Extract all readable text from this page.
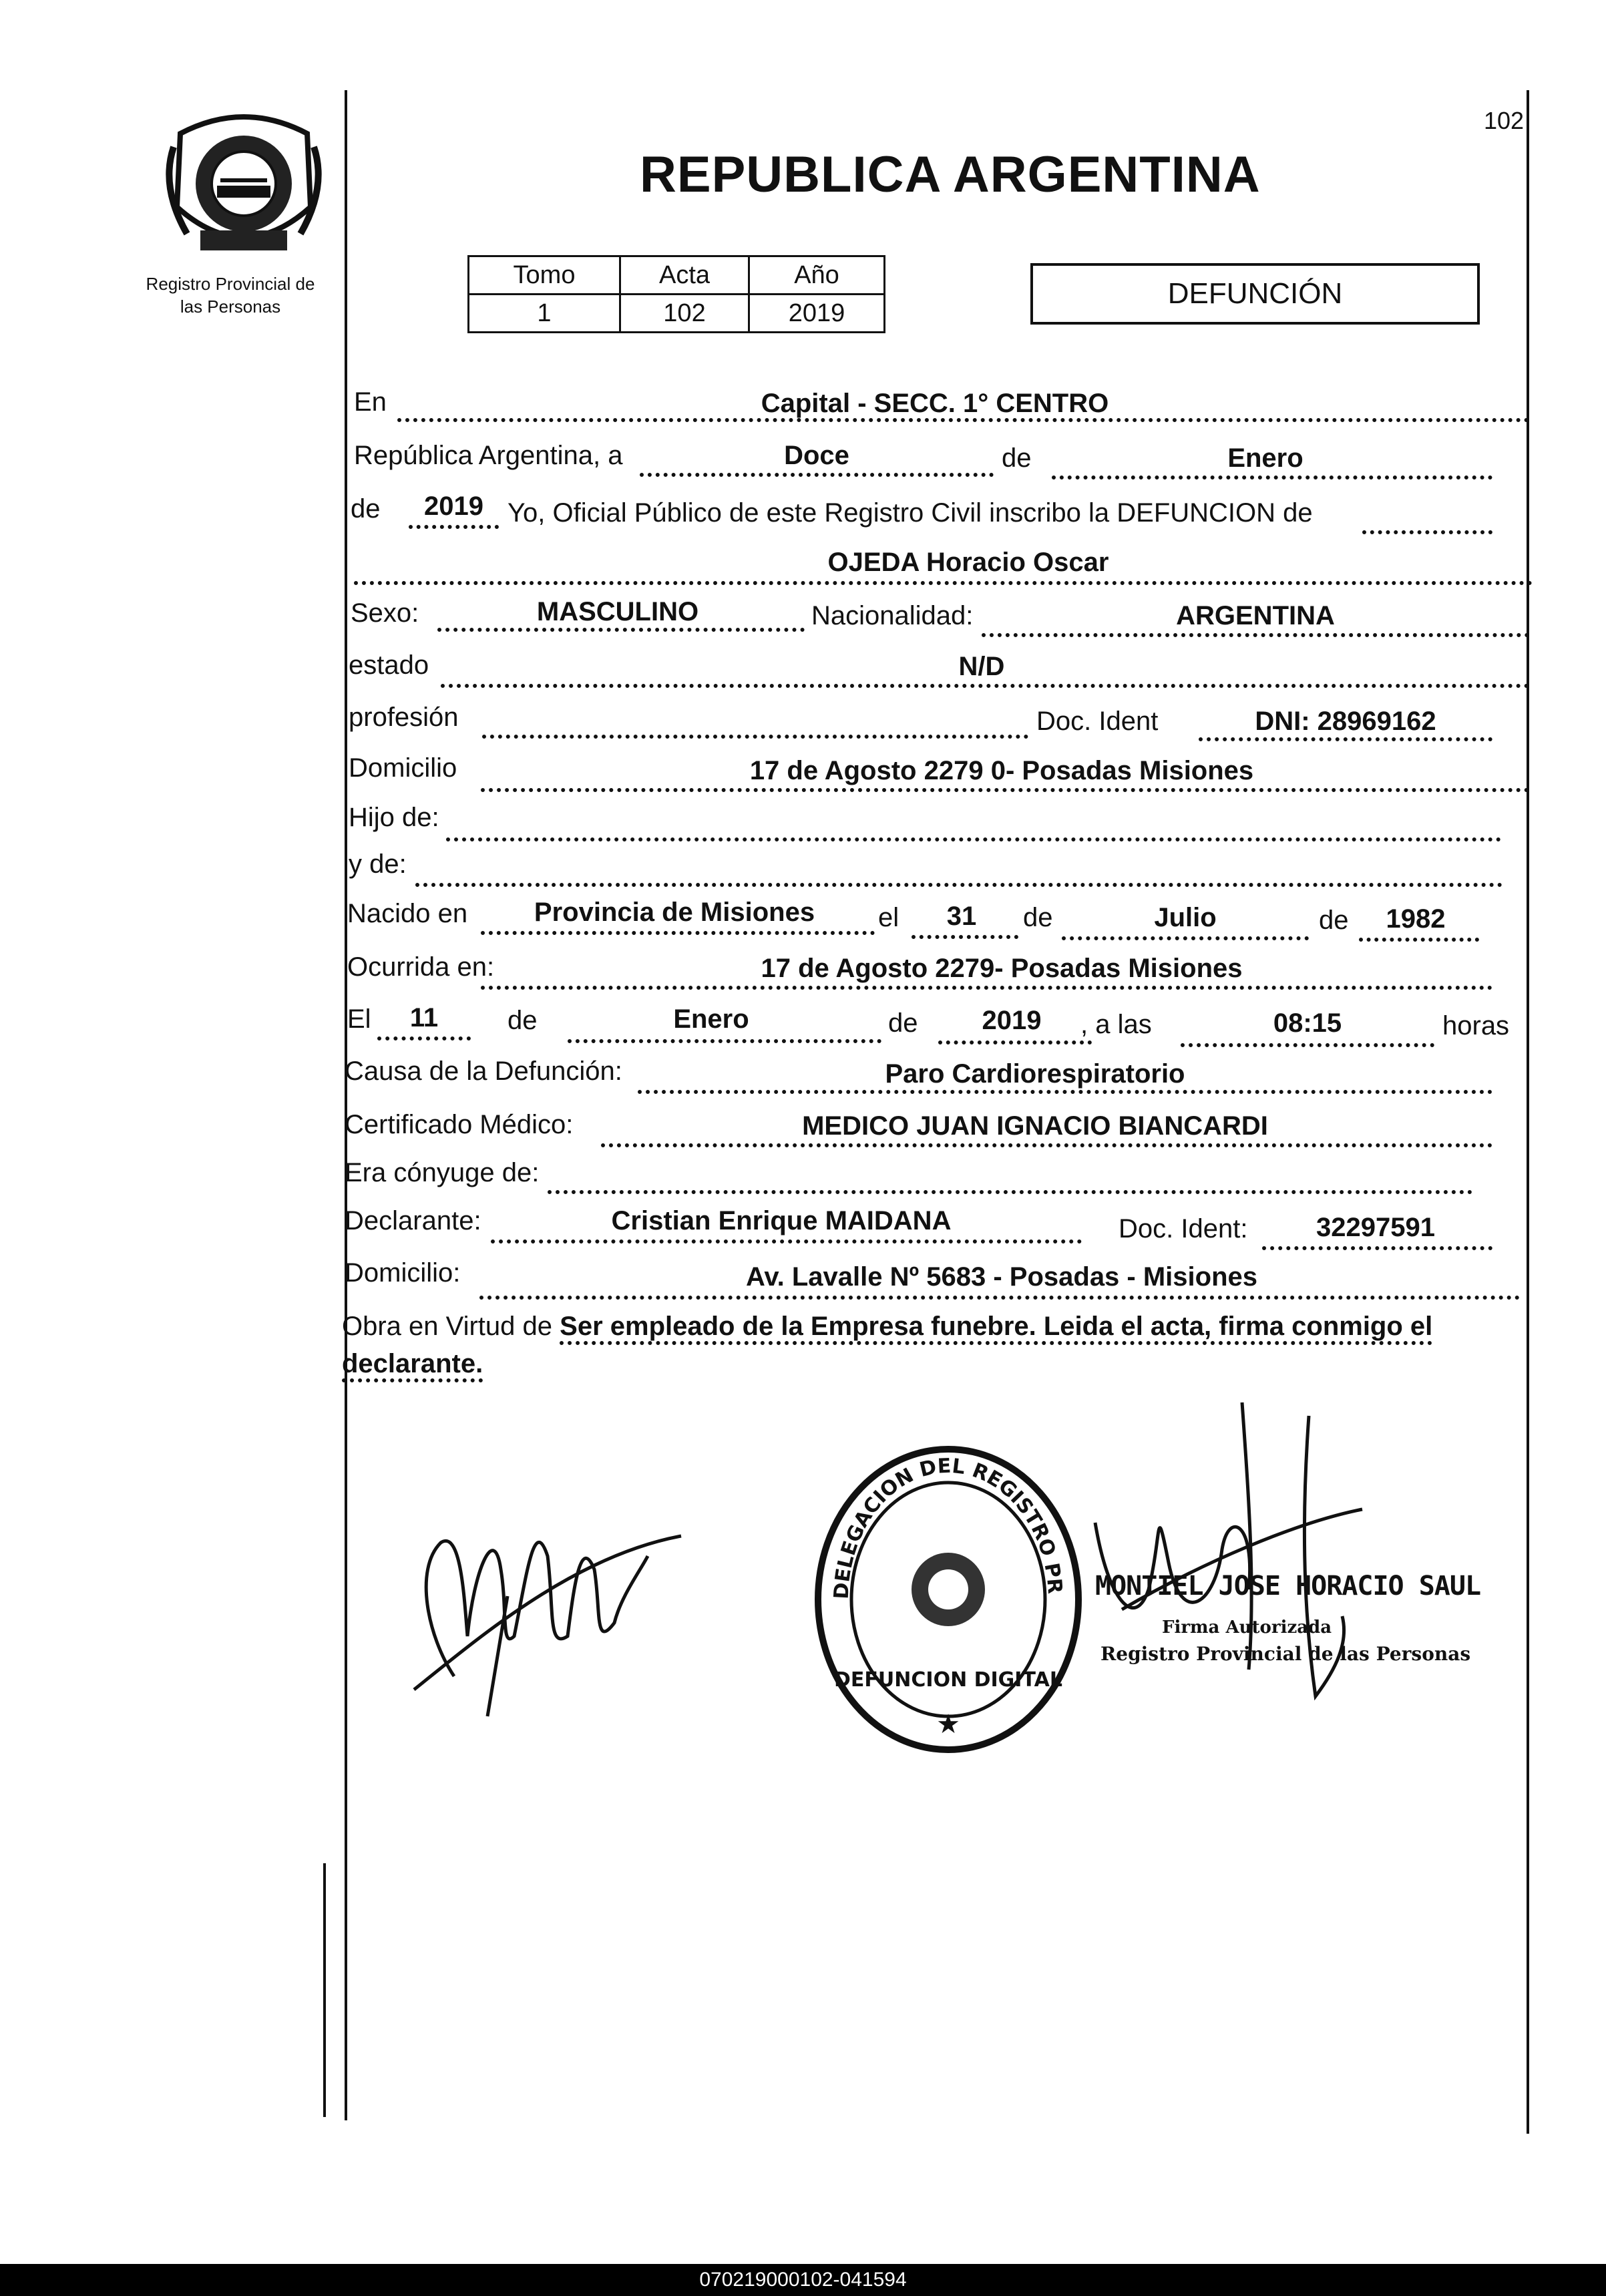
Registro Provincial de
las Personas
102
REPUBLICA ARGENTINA
Tomo	Acta	Año
1	102	2019
DEFUNCIÓN
En	Capital - SECC. 1° CENTRO
República Argentina, a	Doce	de	Enero
de	2019 Yo, Oficial Público de este Registro Civil inscribo la DEFUNCION de
OJEDA Horacio Oscar
Sexo:	MASCULINO	Nacionalidad:	ARGENTINA
estado	N/D
profesión	Doc. Ident	DNI: 28969162
Domicilio	17 de Agosto 2279 0- Posadas Misiones
Hijo de:
y de:
Nacido en	Provincia de Misiones	el	31	de	Julio	de	1982
Ocurrida en:	17 de Agosto 2279- Posadas Misiones
El	11	de	Enero	de	2019	, a las	08:15	horas
Causa de la Defunción:	Paro Cardiorespiratorio
Certificado Médico:	MEDICO JUAN IGNACIO BIANCARDI
Era cónyuge de:
Declarante:	Cristian Enrique MAIDANA	Doc. Ident:	32297591
Domicilio:	Av. Lavalle Nº 5683 - Posadas - Misiones
Obra en Virtud de Ser empleado de la Empresa funebre. Leida el acta, firma conmigo el declarante.
DELEGACION DEL REGISTRO PR
DEFUNCION DIGITAL
★
MONTIEL JOSE HORACIO SAUL
Firma Autorizada
Registro Provincial de las Personas
070219000102-041594
